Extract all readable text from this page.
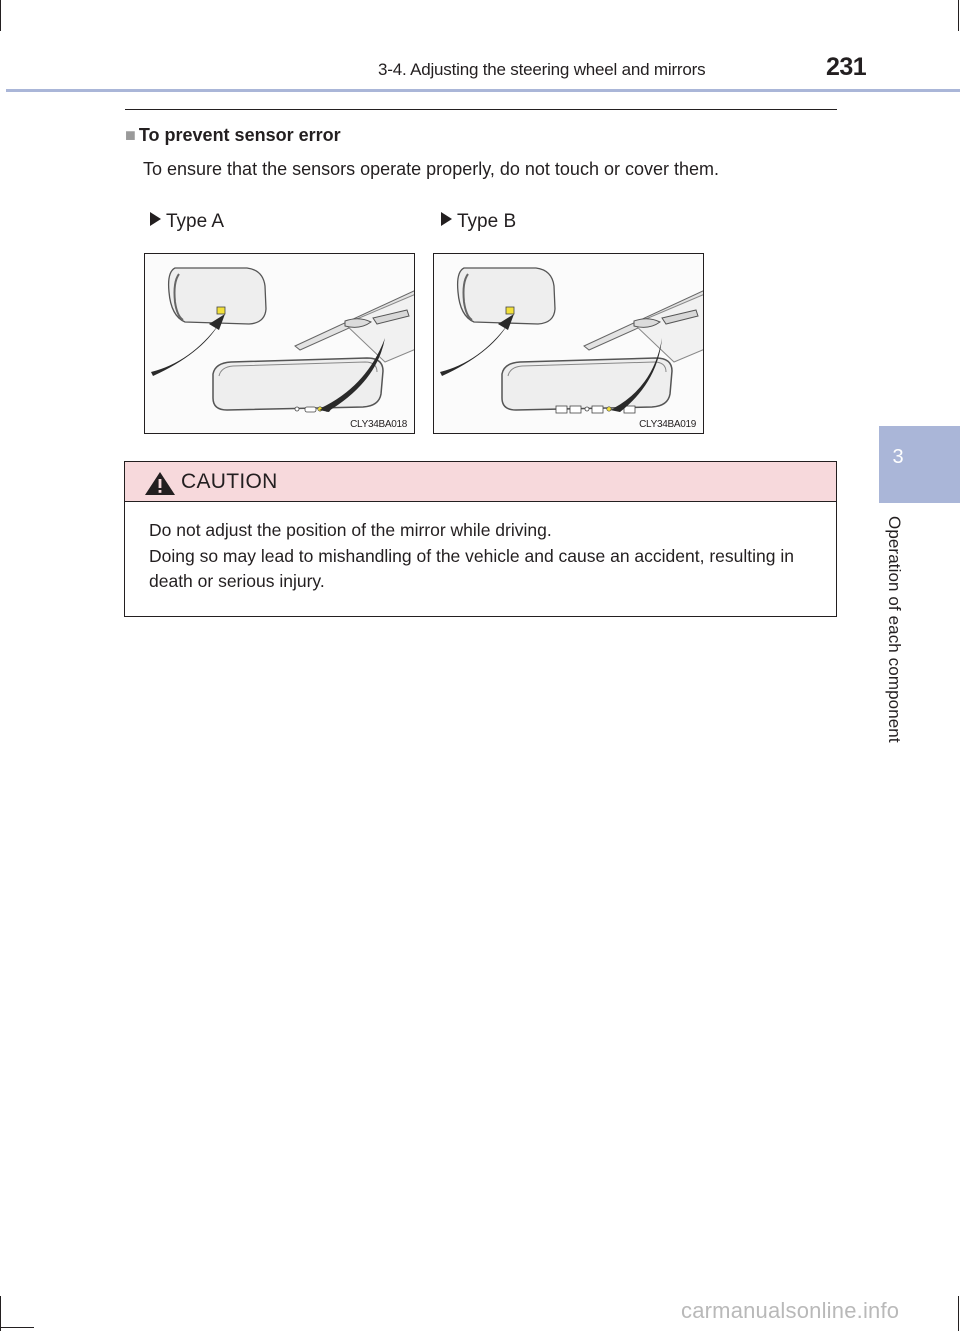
3-4. Adjusting the steering wheel and mirrors	231
■ To prevent sensor error
To ensure that the sensors operate properly, do not touch or cover them.
Type A	Type B
CLY34BA018	CLY34BA019
CAUTION
Do not adjust the position of the mirror while driving.
Doing so may lead to mishandling of the vehicle and cause an accident, resulting in
death or serious injury.
3
Operation of each component
carmanualsonline.info
